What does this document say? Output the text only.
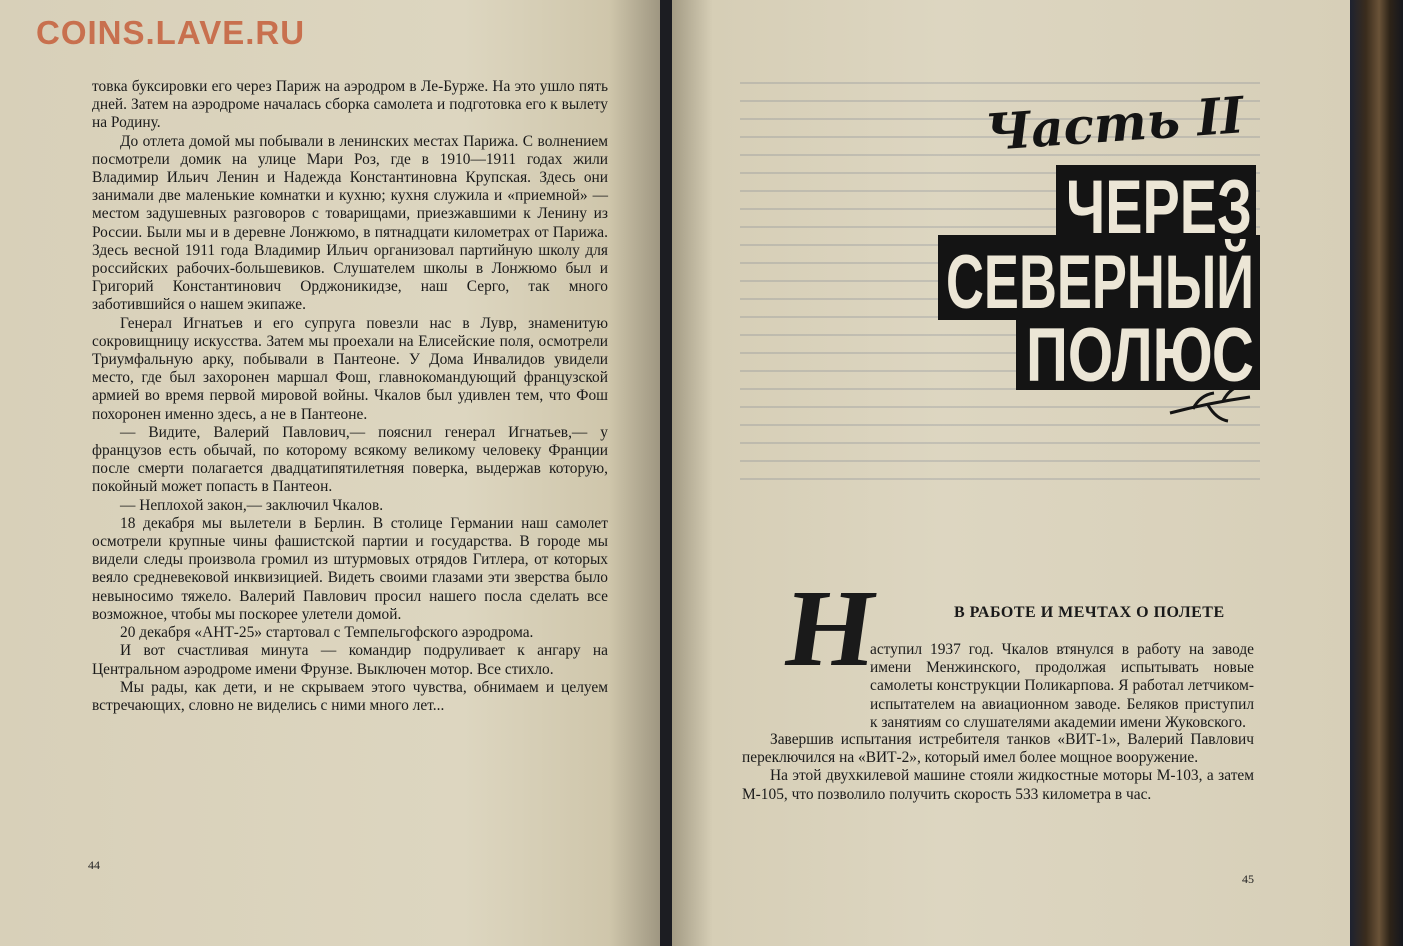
COINS.LAVE.RU

товка буксировки его через Париж на аэродром в Ле-Бурже. На это ушло пять дней. Затем на аэродроме началась сборка самолета и подготовка его к вылету на Родину.

До отлета домой мы побывали в ленинских местах Парижа. С волнением посмотрели домик на улице Мари Роз, где в 1910—1911 годах жили Владимир Ильич Ленин и Надежда Константиновна Крупская. Здесь они занимали две маленькие комнатки и кухню; кухня служила и «приемной» — местом задушевных разговоров с товарищами, приезжавшими к Ленину из России. Были мы и в деревне Лонжюмо, в пятнадцати километрах от Парижа. Здесь весной 1911 года Владимир Ильич организовал партийную школу для российских рабочих-большевиков. Слушателем школы в Лонжюмо был и Григорий Константинович Орджоникидзе, наш Серго, так много заботившийся о нашем экипаже.

Генерал Игнатьев и его супруга повезли нас в Лувр, знаменитую сокровищницу искусства. Затем мы проехали на Елисейские поля, осмотрели Триумфальную арку, побывали в Пантеоне. У Дома Инвалидов увидели место, где был захоронен маршал Фош, главнокомандующий французской армией во время первой мировой войны. Чкалов был удивлен тем, что Фош похоронен именно здесь, а не в Пантеоне.

— Видите, Валерий Павлович,— пояснил генерал Игнатьев,— у французов есть обычай, по которому всякому великому человеку Франции после смерти полагается двадцатипятилетняя поверка, выдержав которую, покойный может попасть в Пантеон.

— Неплохой закон,— заключил Чкалов.

18 декабря мы вылетели в Берлин. В столице Германии наш самолет осмотрели крупные чины фашистской партии и государства. В городе мы видели следы произвола громил из штурмовых отрядов Гитлера, от которых веяло средневековой инквизицией. Видеть своими глазами эти зверства было невыносимо тяжело. Валерий Павлович просил нашего посла сделать все возможное, чтобы мы поскорее улетели домой.

20 декабря «АНТ-25» стартовал с Темпельгофского аэродрома.

И вот счастливая минута — командир подруливает к ангару на Центральном аэродроме имени Фрунзе. Выключен мотор. Все стихло.

Мы рады, как дети, и не скрываем этого чувства, обнимаем и целуем встречающих, словно не виделись с ними много лет...

44
Часть II
ЧЕРЕЗ
СЕВЕРНЫЙ
ПОЛЮС
В РАБОТЕ И МЕЧТАХ О ПОЛЕТЕ
Н
аступил 1937 год. Чкалов втянулся в работу на заводе имени Менжинского, продолжая испытывать новые самолеты конструкции Поликарпова. Я работал летчиком-испытателем на авиационном заводе. Беляков приступил к занятиям со слушателями академии имени Жуковского.

Завершив испытания истребителя танков «ВИТ-1», Валерий Павлович переключился на «ВИТ-2», который имел более мощное вооружение.

На этой двухкилевой машине стояли жидкостные моторы М-103, а затем М-105, что позволило получить скорость 533 километра в час.

45
